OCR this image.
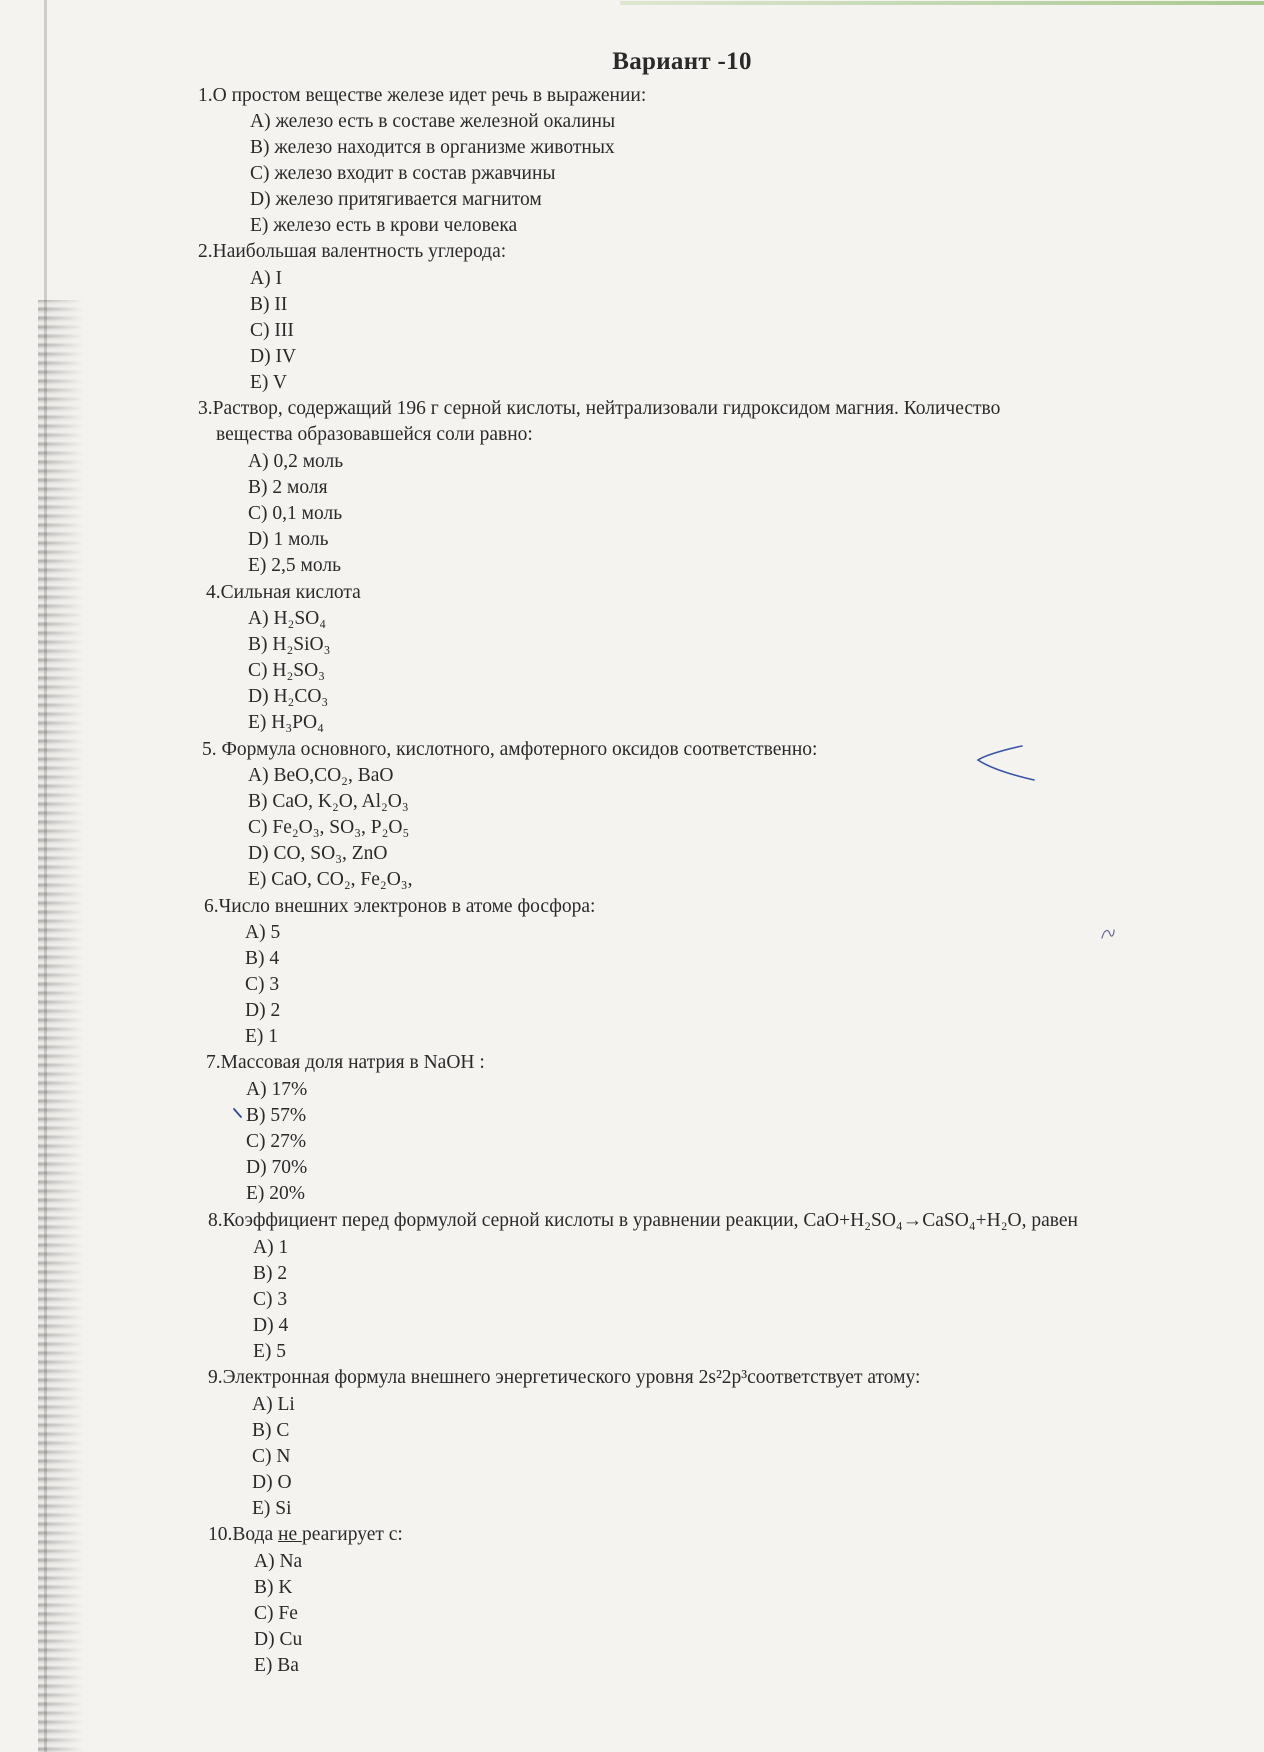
Вариант -10
1.О простом веществе железе идет речь в выражении:
A) железо есть в составе железной окалины
B) железо находится в организме животных
C) железо входит в состав ржавчины
D) железо притягивается магнитом
E) железо есть в крови человека
2.Наибольшая валентность углерода:
A) I
B) II
C) III
D) IV
E) V
3.Раствор, содержащий 196 г серной кислоты, нейтрализовали гидроксидом магния. Количество
вещества образовавшейся соли равно:
A) 0,2 моль
B) 2 моля
C) 0,1 моль
D) 1 моль
E) 2,5 моль
4.Сильная кислота
A) H₂SO₄
B) H₂SiO₃
C) H₂SO₃
D) H₂CO₃
E) H₃PO₄
5. Формула основного, кислотного, амфотерного оксидов соответственно:
A) BeO,CO₂, BaO
B) CaO, K₂O, Al₂O₃
C) Fe₂O₃, SO₃, P₂O₅
D) CO, SO₃, ZnO
E) CaO, CO₂, Fe₂O₃,
6.Число внешних электронов в атоме фосфора:
A) 5
B) 4
C) 3
D) 2
E) 1
7.Массовая доля натрия в NaOH :
A) 17%
B) 57%
C) 27%
D) 70%
E) 20%
8.Коэффициент перед формулой серной кислоты в уравнении реакции, CaO+H₂SO₄→CaSO₄+H₂O, равен
A) 1
B) 2
C) 3
D) 4
E) 5
9.Электронная формула внешнего энергетического уровня 2s²2p³соответствует атому:
A) Li
B) C
C) N
D) O
E) Si
10.Вода не реагирует с:
A) Na
B) K
C) Fe
D) Cu
E) Ba
